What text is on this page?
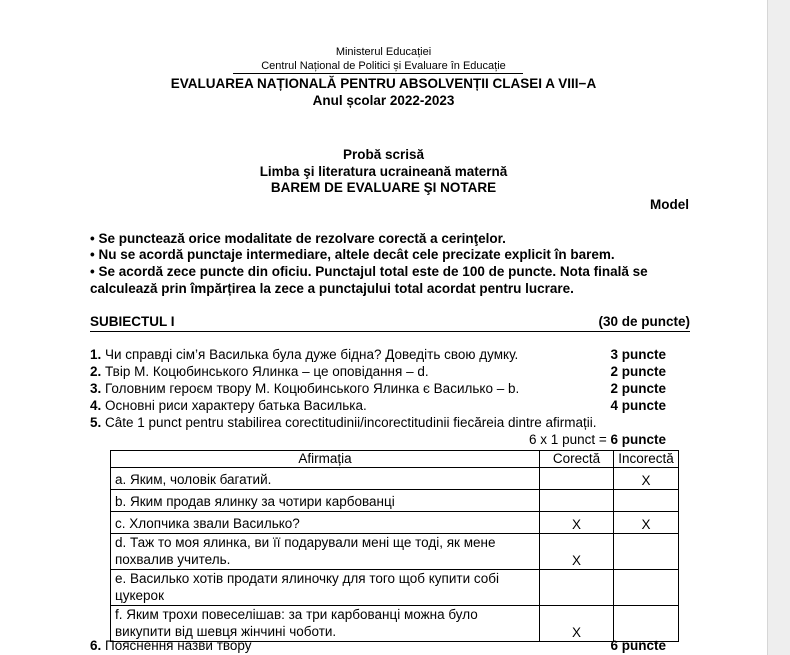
Ministerul Educației
Centrul Național de Politici și Evaluare în Educație
EVALUAREA NAȚIONALĂ PENTRU ABSOLVENȚII CLASEI A VIII−A
Anul școlar 2022-2023
Probă scrisă
Limba şi literatura ucraineană maternă
BAREM DE EVALUARE ŞI NOTARE
Model
• Se punctează orice modalitate de rezolvare corectă a cerinţelor.
• Nu se acordă punctaje intermediare, altele decât cele precizate explicit în barem.
• Se acordă zece puncte din oficiu. Punctajul total este de 100 de puncte. Nota finală se
calculează prin împărțirea la zece a punctajului total acordat pentru lucrare.
SUBIECTUL I	(30 de puncte)
1. Чи справді сім’я Василька була дуже бідна? Доведіть свою думку.	3 puncte
2. Твір М. Коцюбинського Ялинка – це оповідання – d.	2 puncte
3. Головним героєм твору М. Коцюбинського Ялинка є Василько – b.	2 puncte
4. Основні риси характеру батька Василька.	4 puncte
5. Câte 1 punct pentru stabilirea corectitudinii/incorectitudinii fiecăreia dintre afirmații.
6 x 1 punct = 6 puncte
Afirmația	Corectă	Incorectă
a. Яким, чоловік багатий.		X
b. Яким продав ялинку за чотири карбованці		
c. Хлопчика звали Василько?	X	X
d. Таж то моя ялинка, ви її подарували мені ще тоді, як мене похвалив учитель.	X	
e. Василько хотів продати ялиночку для того щоб купити собі цукерок		
f. Яким трохи повеселішав: за три карбованці можна було викупити від шевця жінчині чоботи.	X	
6. Пояснення назви твору	6 puncte
